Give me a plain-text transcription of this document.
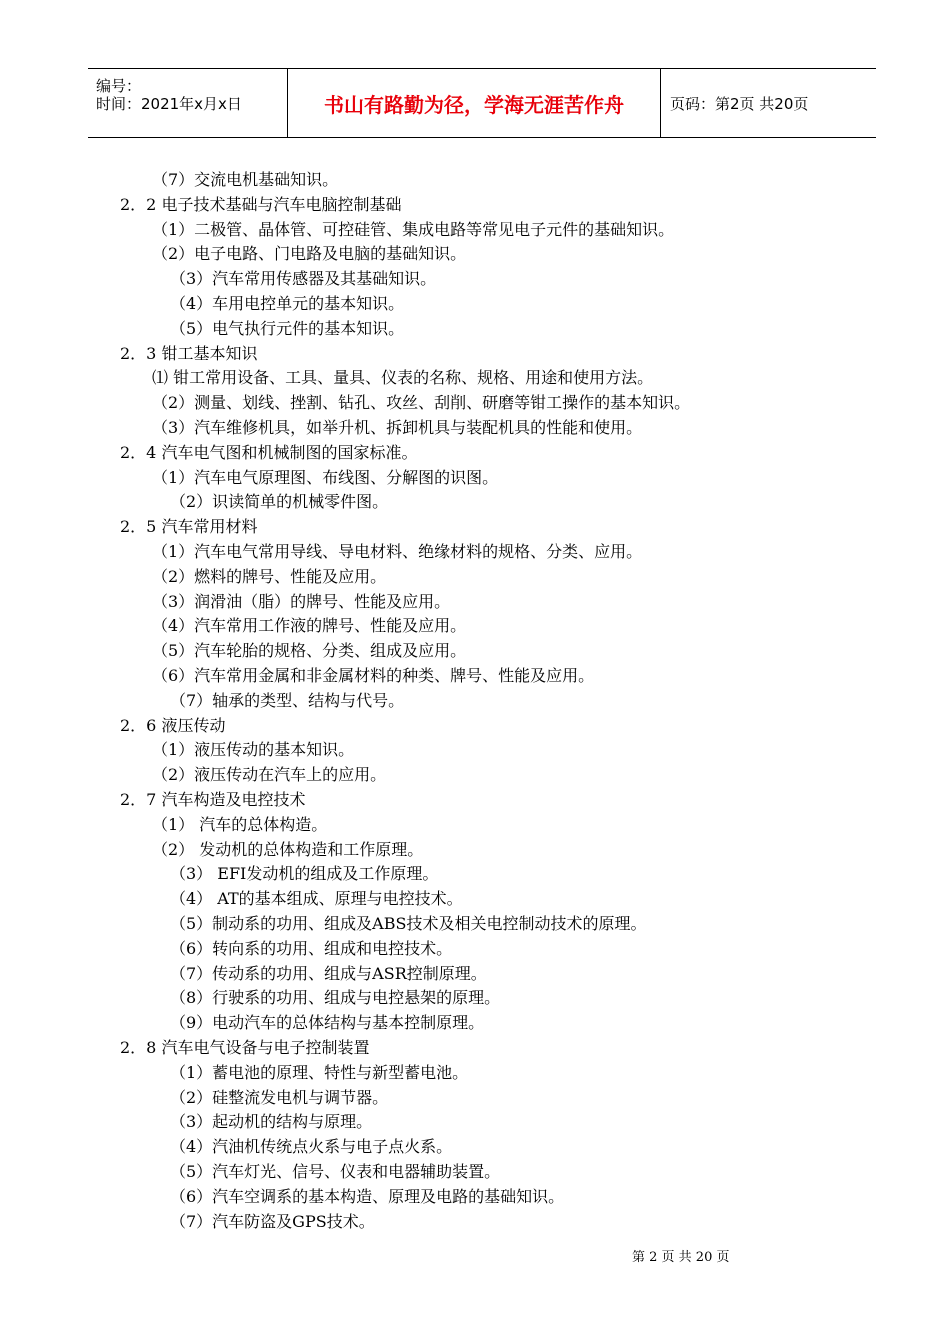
编号：
时间：2021年x月x日	书山有路勤为径，学海无涯苦作舟	页码：第2页 共20页
（7）交流电机基础知识。
2．2 电子技术基础与汽车电脑控制基础
（1）二极管、晶体管、可控硅管、集成电路等常见电子元件的基础知识。
（2）电子电路、门电路及电脑的基础知识。
（3）汽车常用传感器及其基础知识。
（4）车用电控单元的基本知识。
（5）电气执行元件的基本知识。
2．3 钳工基本知识
⑴ 钳工常用设备、工具、量具、仪表的名称、规格、用途和使用方法。
（2）测量、划线、挫割、钻孔、攻丝、刮削、研磨等钳工操作的基本知识。
（3）汽车维修机具，如举升机、拆卸机具与装配机具的性能和使用。
2．4 汽车电气图和机械制图的国家标准。
（1）汽车电气原理图、布线图、分解图的识图。
（2）识读简单的机械零件图。
2．5 汽车常用材料
（1）汽车电气常用导线、导电材料、绝缘材料的规格、分类、应用。
（2）燃料的牌号、性能及应用。
（3）润滑油（脂）的牌号、性能及应用。
（4）汽车常用工作液的牌号、性能及应用。
（5）汽车轮胎的规格、分类、组成及应用。
（6）汽车常用金属和非金属材料的种类、牌号、性能及应用。
（7）轴承的类型、结构与代号。
2．6 液压传动
（1）液压传动的基本知识。
（2）液压传动在汽车上的应用。
2．7 汽车构造及电控技术
（1） 汽车的总体构造。
（2） 发动机的总体构造和工作原理。
（3） EFI发动机的组成及工作原理。
（4） AT的基本组成、原理与电控技术。
（5）制动系的功用、组成及ABS技术及相关电控制动技术的原理。
（6）转向系的功用、组成和电控技术。
（7）传动系的功用、组成与ASR控制原理。
（8）行驶系的功用、组成与电控悬架的原理。
（9）电动汽车的总体结构与基本控制原理。
2．8 汽车电气设备与电子控制装置
（1）蓄电池的原理、特性与新型蓄电池。
（2）硅整流发电机与调节器。
（3）起动机的结构与原理。
（4）汽油机传统点火系与电子点火系。
（5）汽车灯光、信号、仪表和电器辅助装置。
（6）汽车空调系的基本构造、原理及电路的基础知识。
（7）汽车防盗及GPS技术。
第 2 页 共 20 页
